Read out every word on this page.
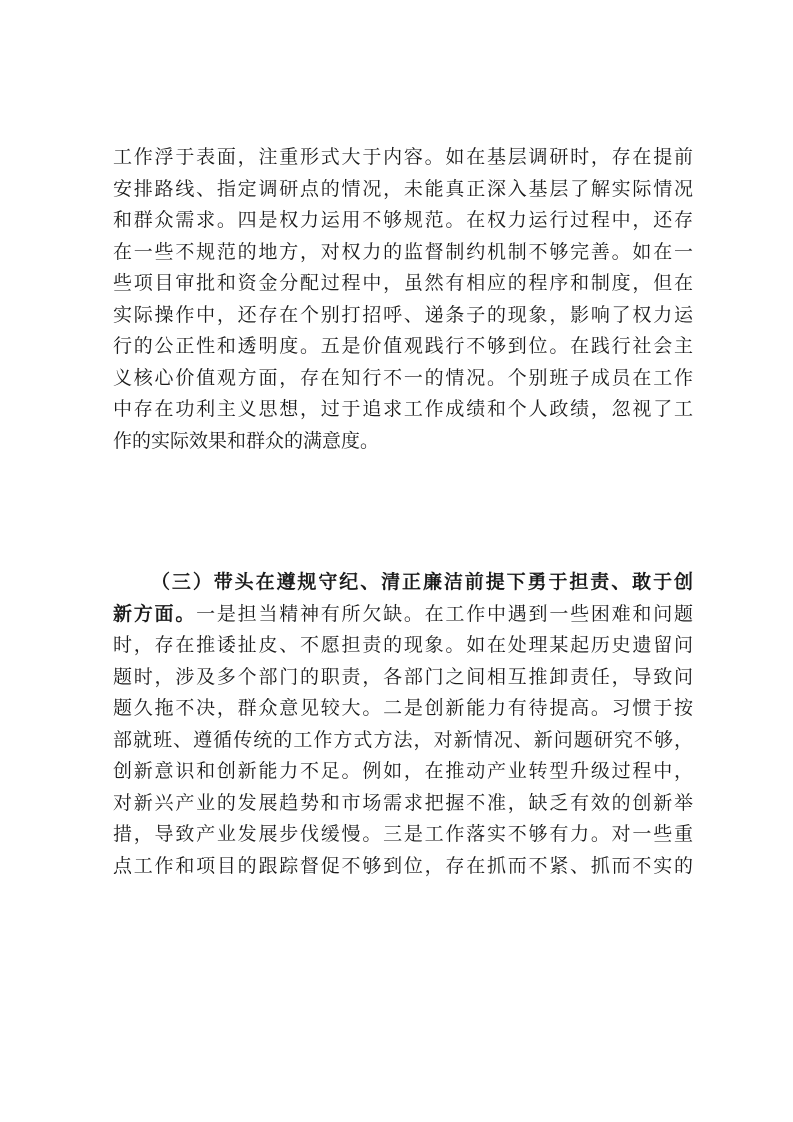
工作浮于表面，注重形式大于内容。如在基层调研时，存在提前
安排路线、指定调研点的情况，未能真正深入基层了解实际情况
和群众需求。四是权力运用不够规范。在权力运行过程中，还存
在一些不规范的地方，对权力的监督制约机制不够完善。如在一
些项目审批和资金分配过程中，虽然有相应的程序和制度，但在
实际操作中，还存在个别打招呼、递条子的现象，影响了权力运
行的公正性和透明度。五是价值观践行不够到位。在践行社会主
义核心价值观方面，存在知行不一的情况。个别班子成员在工作
中存在功利主义思想，过于追求工作成绩和个人政绩，忽视了工
作的实际效果和群众的满意度。
（三）带头在遵规守纪、清正廉洁前提下勇于担责、敢于创
新方面。一是担当精神有所欠缺。在工作中遇到一些困难和问题
时，存在推诿扯皮、不愿担责的现象。如在处理某起历史遗留问
题时，涉及多个部门的职责，各部门之间相互推卸责任，导致问
题久拖不决，群众意见较大。二是创新能力有待提高。习惯于按
部就班、遵循传统的工作方式方法，对新情况、新问题研究不够，
创新意识和创新能力不足。例如，在推动产业转型升级过程中，
对新兴产业的发展趋势和市场需求把握不准，缺乏有效的创新举
措，导致产业发展步伐缓慢。三是工作落实不够有力。对一些重
点工作和项目的跟踪督促不够到位，存在抓而不紧、抓而不实的
